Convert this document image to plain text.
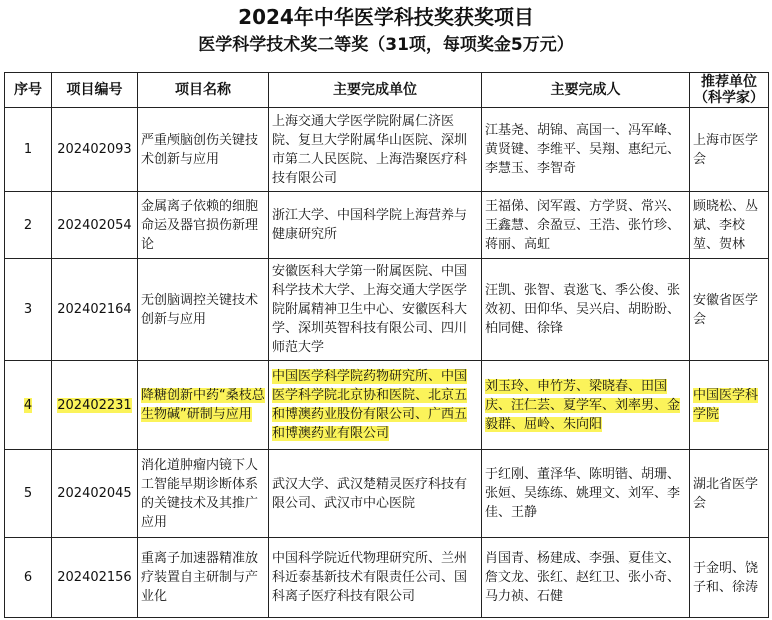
2024年中华医学科技奖获奖项目
医学科学技术奖二等奖（31项，每项奖金5万元）
序号	项目编号	项目名称	主要完成单位	主要完成人	推荐单位（科学家）
1	202402093	严重颅脑创伤关键技术创新与应用	上海交通大学医学院附属仁济医院、复旦大学附属华山医院、深圳市第二人民医院、上海浩聚医疗科技有限公司	江基尧、胡锦、高国一、冯军峰、黄贤键、李维平、吴翔、惠纪元、李慧玉、李智奇	上海市医学会
2	202402054	金属离子依赖的细胞命运及器官损伤新理论	浙江大学、中国科学院上海营养与健康研究所	王福俤、闵军霞、方学贤、常兴、王鑫慧、余盈豆、王浩、张竹珍、蒋丽、高虹	顾晓松、丛斌、李校堃、贺林
3	202402164	无创脑调控关键技术创新与应用	安徽医科大学第一附属医院、中国科学技术大学、上海交通大学医学院附属精神卫生中心、安徽医科大学、深圳英智科技有限公司、四川师范大学	汪凯、张智、袁逖飞、季公俊、张效初、田仰华、吴兴启、胡盼盼、柏同健、徐锋	安徽省医学会
4	202402231	降糖创新中药“桑枝总生物碱”研制与应用	中国医学科学院药物研究所、中国医学科学院北京协和医院、北京五和博澳药业股份有限公司、广西五和博澳药业有限公司	刘玉玲、申竹芳、梁晓春、田国庆、汪仁芸、夏学军、刘率男、金毅群、屈岭、朱向阳	中国医学科学院
5	202402045	消化道肿瘤内镜下人工智能早期诊断体系的关键技术及其推广应用	武汉大学、武汉楚精灵医疗科技有限公司、武汉市中心医院	于红刚、董泽华、陈明锴、胡珊、张姮、吴练练、姚理文、刘军、李佳、王静	湖北省医学会
6	202402156	重离子加速器精准放疗装置自主研制与产业化	中国科学院近代物理研究所、兰州科近泰基新技术有限责任公司、国科离子医疗科技有限公司	肖国青、杨建成、李强、夏佳文、詹文龙、张红、赵红卫、张小奇、马力祯、石健	于金明、饶子和、徐涛
